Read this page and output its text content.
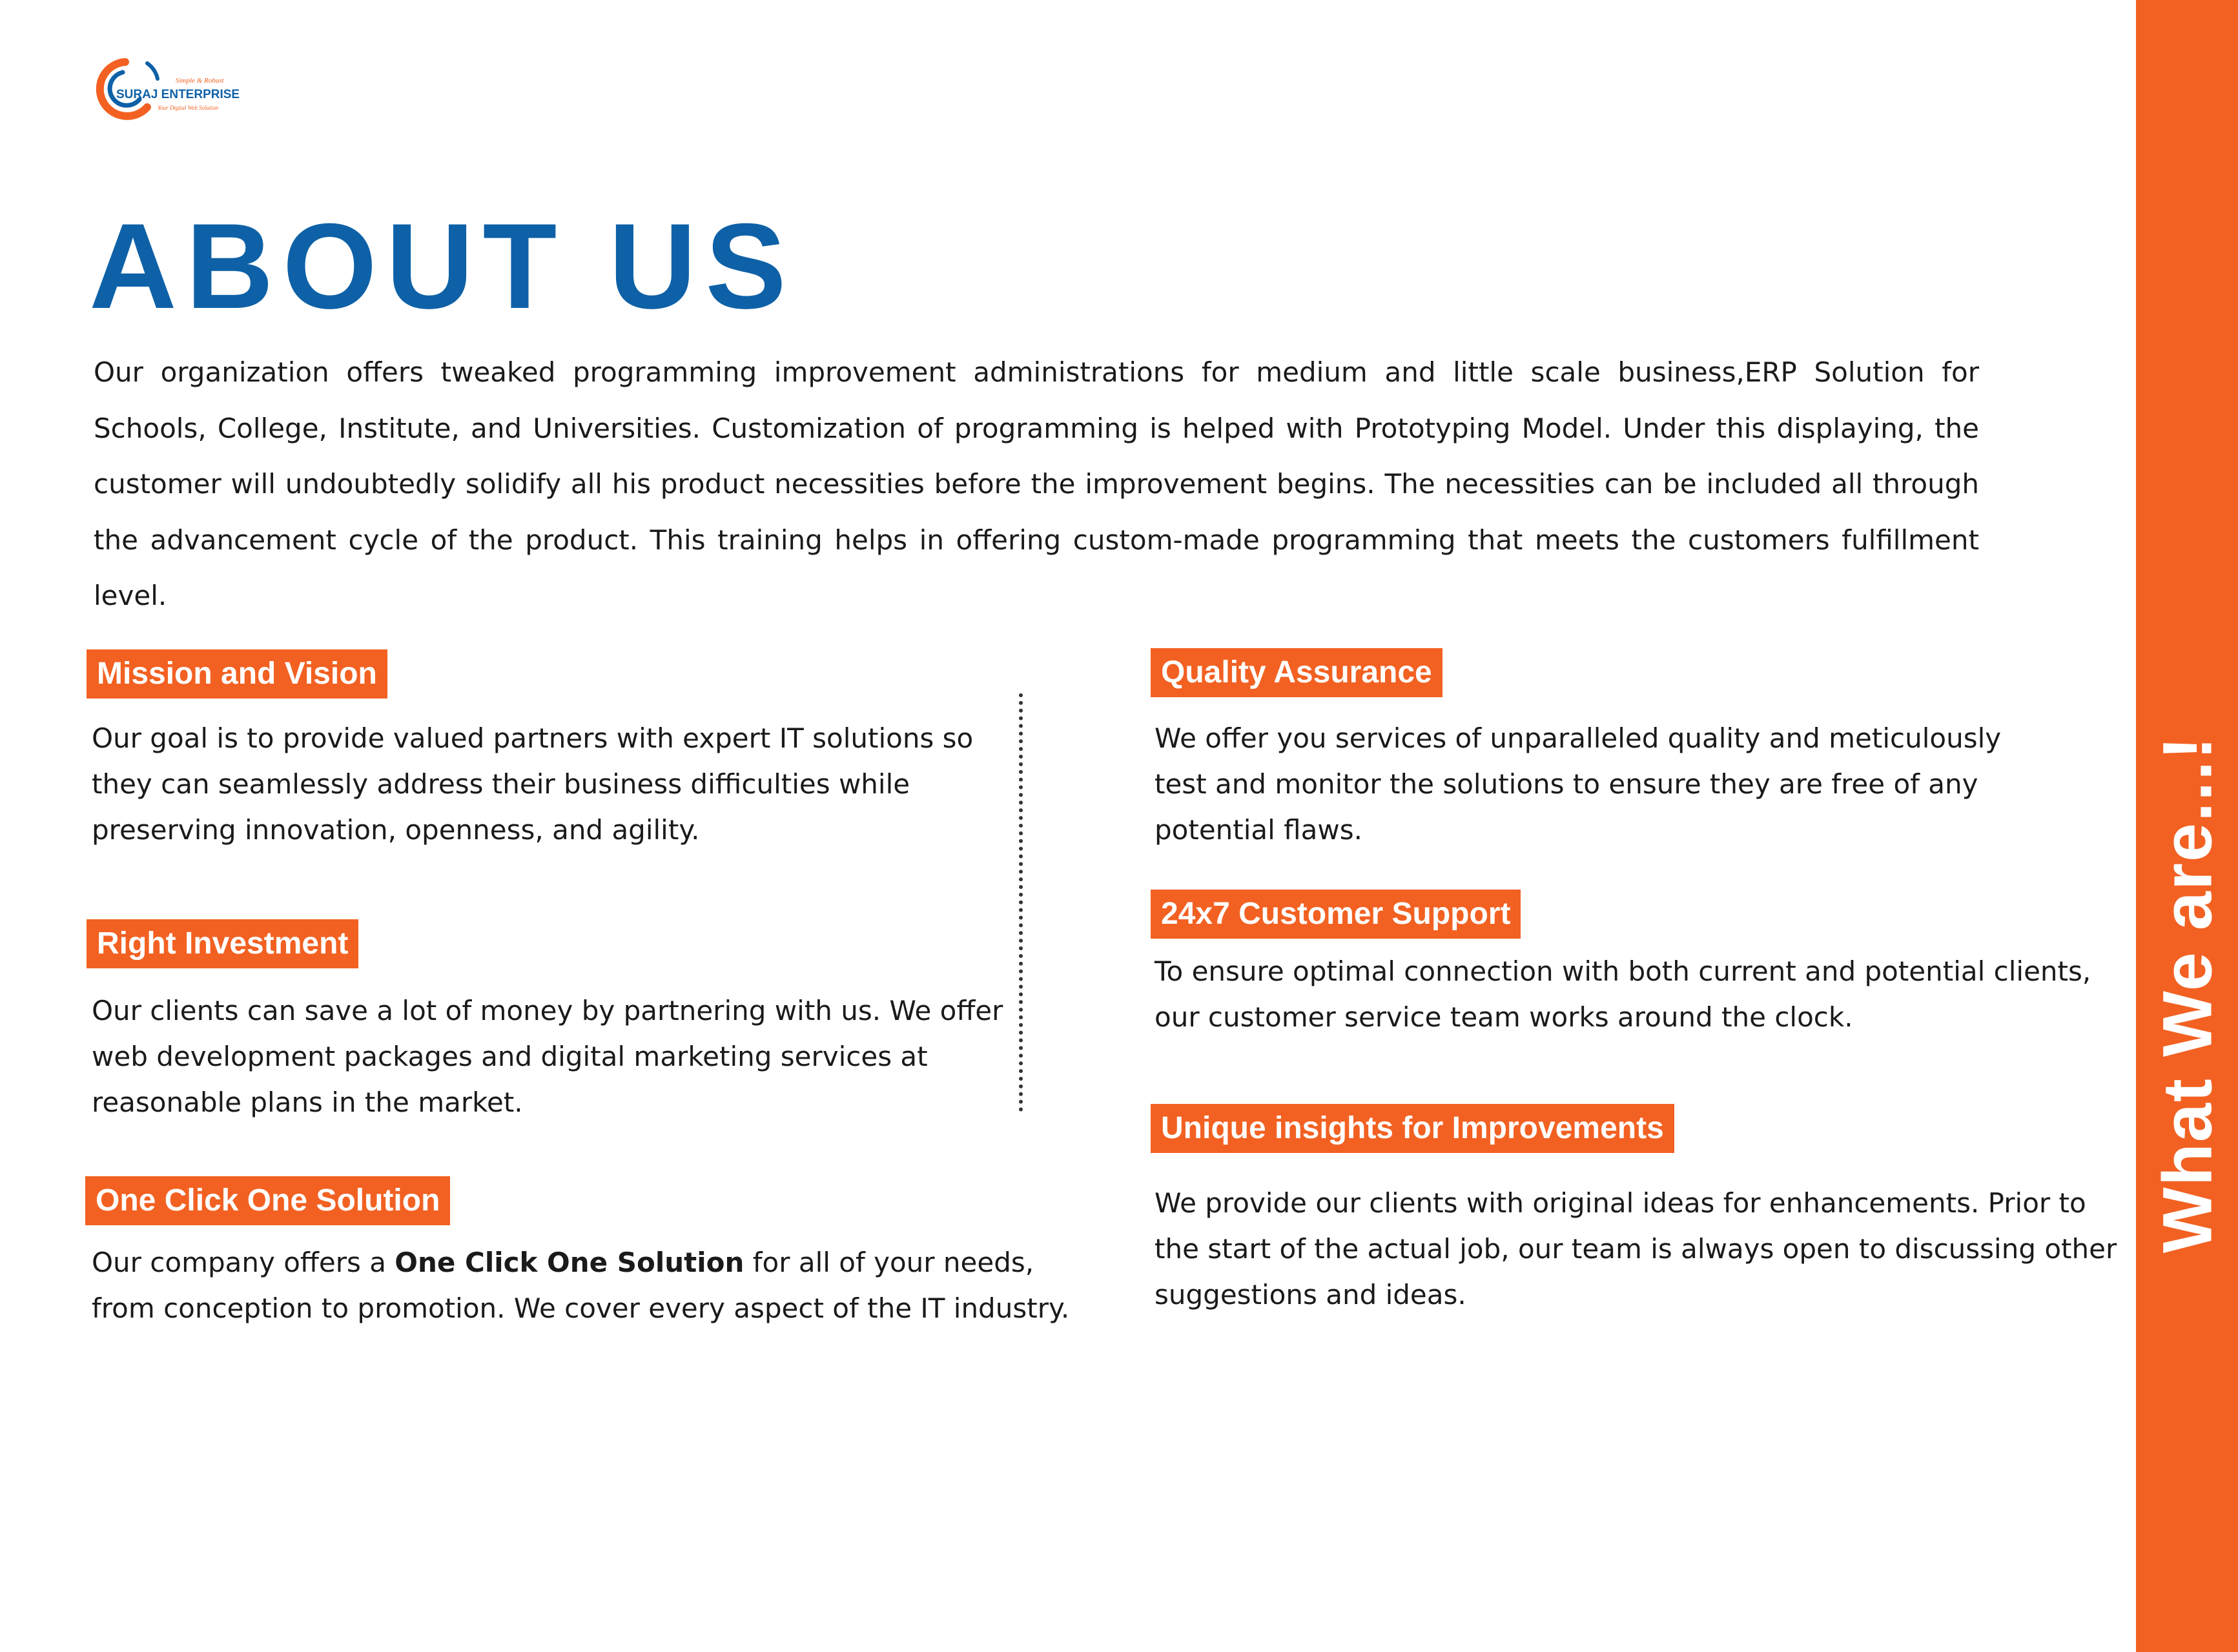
Simple & Robust
SURAJ ENTERPRISE
Your Digital Web Solution
ABOUT US

Our organization offers tweaked programming improvement administrations for medium and little scale business,ERP Solution for Schools, College, Institute, and Universities. Customization of programming is helped with Prototyping Model. Under this displaying, the customer will undoubtedly solidify all his product necessities before the improvement begins. The necessities can be included all through the advancement cycle of the product. This training helps in offering custom-made programming that meets the customers fulfillment level.

Mission and Vision

Our goal is to provide valued partners with expert IT solutions so they can seamlessly address their business difficulties while preserving innovation, openness, and agility.

Right Investment

Our clients can save a lot of money by partnering with us. We offer web development packages and digital marketing services at reasonable plans in the market.

One Click One Solution

Our company offers a One Click One Solution for all of your needs, from conception to promotion. We cover every aspect of the IT industry.

Quality Assurance

We offer you services of unparalleled quality and meticulously test and monitor the solutions to ensure they are free of any potential flaws.

24x7 Customer Support

To ensure optimal connection with both current and potential clients, our customer service team works around the clock.

Unique insights for Improvements

We provide our clients with original ideas for enhancements. Prior to the start of the actual job, our team is always open to discussing other suggestions and ideas.

What We are...!
